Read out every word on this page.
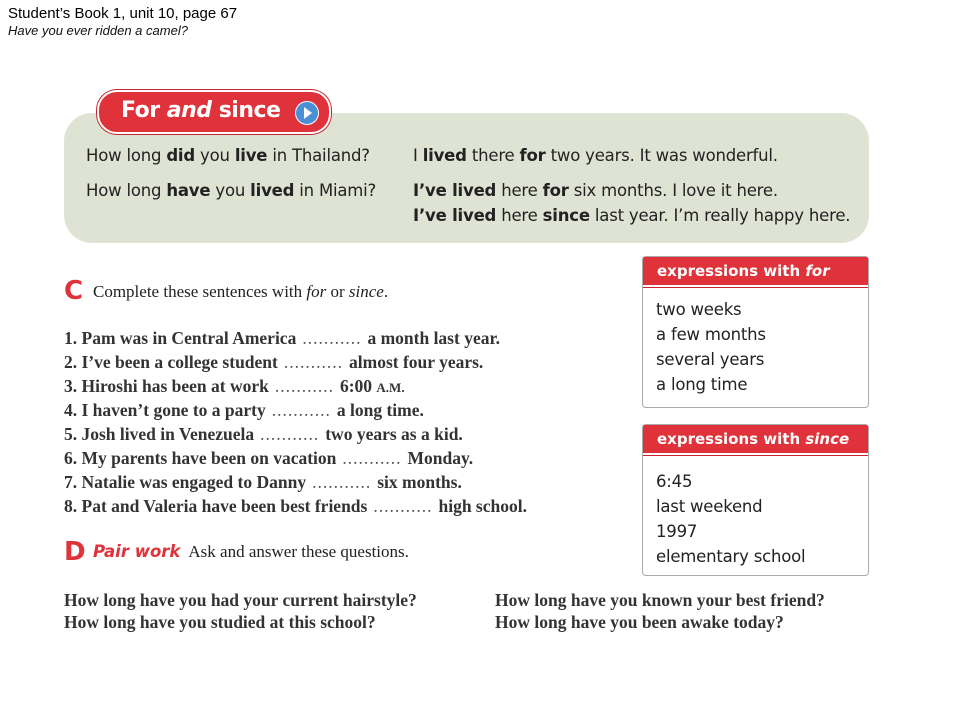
Student’s Book 1, unit 10, page 67
Have you ever ridden a camel?
For and since
How long did you live in Thailand?	I lived there for two years. It was wonderful.
How long have you lived in Miami? I’ve lived here for six months. I love it here.
I’ve lived here since last year. I’m really happy here.
C Complete these sentences with for or since.
1. Pam was in Central America ........... a month last year.
2. I’ve been a college student ........... almost four years.
3. Hiroshi has been at work ........... 6:00 A.M.
4. I haven’t gone to a party ........... a long time.
5. Josh lived in Venezuela ........... two years as a kid.
6. My parents have been on vacation ........... Monday.
7. Natalie was engaged to Danny ........... six months.
8. Pat and Valeria have been best friends ........... high school.
expressions with for
two weeks
a few months
several years
a long time
expressions with since
6:45
last weekend
1997
elementary school
D Pair work Ask and answer these questions.
How long have you had your current hairstyle?	How long have you known your best friend?
How long have you studied at this school?	How long have you been awake today?
